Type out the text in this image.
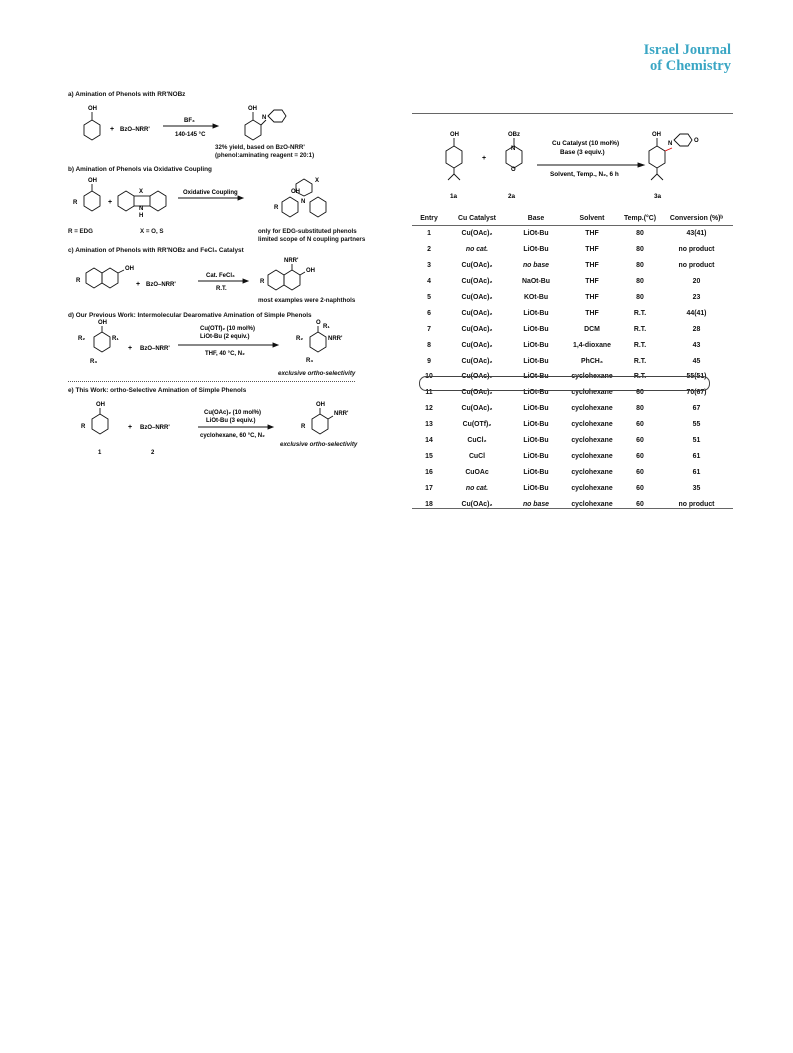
Israel Journal
of Chemistry
a) Amination of Phenols with RR'NOBz
OH
+ BzO–NRR'
BF₃
140-145 °C
OH
N
32% yield, based on BzO-NRR'
(phenol:aminating reagent = 20:1)
b) Amination of Phenols via Oxidative Coupling
OH
R	+
X
N
H
Oxidative Coupling	OH
R
X
N
R = EDG	X = O, S	only for EDG-substituted phenols
limited scope of N coupling partners
c) Amination of Phenols with RR'NOBz and FeCl₃ Catalyst
OH
R	+ BzO–NRR'
Cat. FeCl₃
R.T.
R
NRR'
OH
most examples were 2-naphthols
d) Our Previous Work: Intermolecular Dearomative Amination of Simple Phenols
OH
R₁
R₂
R₃
+ BzO–NRR'
Cu(OTf)₂ (10 mol%)
LiOt-Bu (2 equiv.)
THF, 40 °C, N₂
O
R₁
R₂	NRR'
R₃
exclusive ortho-selectivity
e) This Work: ortho-Selective Amination of Simple Phenols
OH
R	+ BzO–NRR'
Cu(OAc)₂ (10 mol%)
LiOt-Bu (3 equiv.)
cyclohexane, 60 °C, N₂
OH
R
NRR'
1	2
exclusive ortho-selectivity
OH
+
OBz
N
O
Cu Catalyst (10 mol%)
Base (3 equiv.)
Solvent, Temp., N₂, 6 h
OH
N	O
1a	2a	3a
Entry	Cu Catalyst	Base	Solvent	Temp.(°C)	Conversion (%)ᵇ
1	Cu(OAc)₂	LiOt-Bu	THF	80	43(41)
2	no cat.	LiOt-Bu	THF	80	no product
3	Cu(OAc)₂	no base	THF	80	no product
4	Cu(OAc)₂	NaOt-Bu	THF	80	20
5	Cu(OAc)₂	KOt-Bu	THF	80	23
6	Cu(OAc)₂	LiOt-Bu	THF	R.T.	44(41)
7	Cu(OAc)₂	LiOt-Bu	DCM	R.T.	28
8	Cu(OAc)₂	LiOt-Bu	1,4-dioxane	R.T.	43
9	Cu(OAc)₂	LiOt-Bu	PhCH₃	R.T.	45
10	Cu(OAc)₂	LiOt-Bu	cyclohexane	R.T.	55(51)
11	Cu(OAc)₂	LiOt-Bu	cyclohexane	60	70(67)
12	Cu(OAc)₂	LiOt-Bu	cyclohexane	80	67
13	Cu(OTf)₂	LiOt-Bu	cyclohexane	60	55
14	CuCl₂	LiOt-Bu	cyclohexane	60	51
15	CuCl	LiOt-Bu	cyclohexane	60	61
16	CuOAc	LiOt-Bu	cyclohexane	60	61
17	no cat.	LiOt-Bu	cyclohexane	60	35
18	Cu(OAc)₂	no base	cyclohexane	60	no product
